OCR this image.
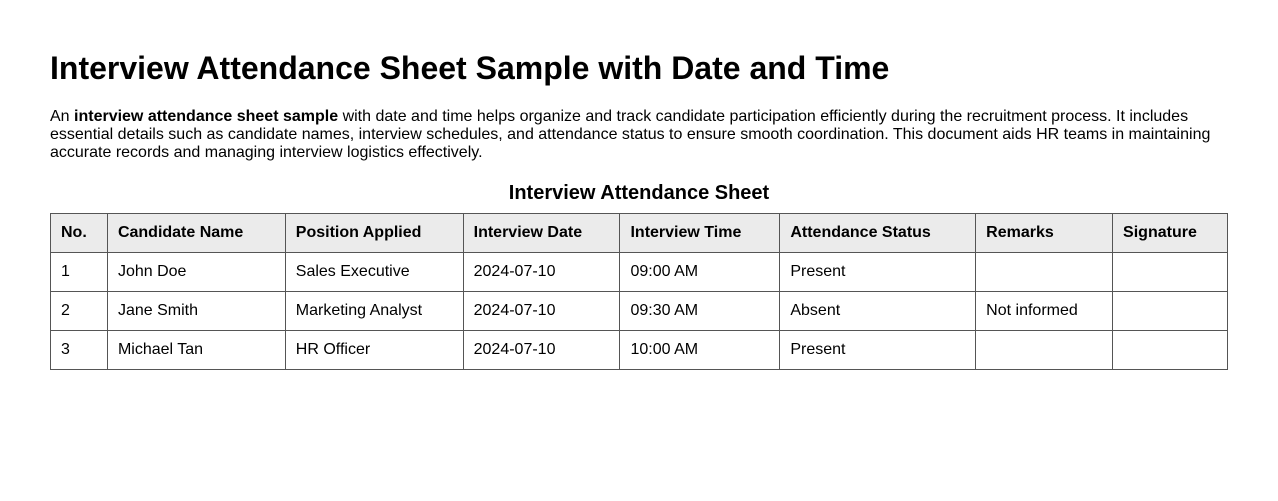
Interview Attendance Sheet Sample with Date and Time

An interview attendance sheet sample with date and time helps organize and track candidate participation efficiently during the recruitment process. It includes essential details such as candidate names, interview schedules, and attendance status to ensure smooth coordination. This document aids HR teams in maintaining accurate records and managing interview logistics effectively.

Interview Attendance Sheet
No.	Candidate Name	Position Applied	Interview Date	Interview Time	Attendance Status	Remarks	Signature
1	John Doe	Sales Executive	2024-07-10	09:00 AM	Present		
2	Jane Smith	Marketing Analyst	2024-07-10	09:30 AM	Absent	Not informed	
3	Michael Tan	HR Officer	2024-07-10	10:00 AM	Present		
